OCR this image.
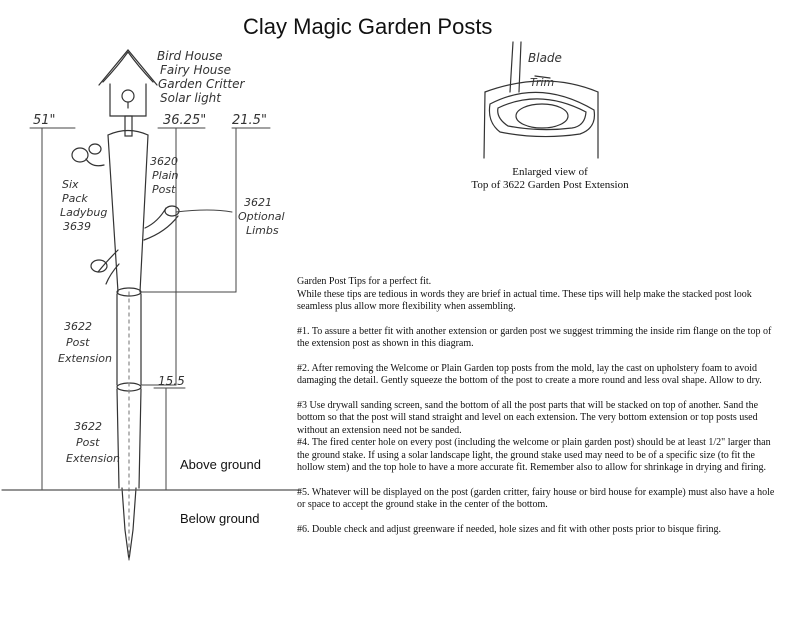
Clay Magic Garden Posts
Bird House
Fairy House
Garden Critter
Solar light
51"	36.25" 21.5"
3620
Plain
Post
Six
Pack
Ladybug
3639
3621
Optional
Limbs
3622
Post
Extension
15.5
3622
Post
Extension
Blade
Trim
Enlarged view of
Top of 3622 Garden Post Extension
Above ground
Below ground

Garden Post Tips for a perfect fit.

While these tips are tedious in words they are brief in actual time. These tips will help make the stacked post look seamless plus allow more flexibility when assembling.

#1. To assure a better fit with another extension or garden post we suggest trimming the inside rim flange on the top of the extension post as shown in this diagram.

#2. After removing the Welcome or Plain Garden top posts from the mold, lay the cast on upholstery foam to avoid damaging the detail. Gently squeeze the bottom of the post to create a more round and less oval shape. Allow to dry.

#3 Use drywall sanding screen, sand the bottom of all the post parts that will be stacked on top of another. Sand the bottom so that the post will stand straight and level on each extension. The very bottom extension or top posts used without an extension need not be sanded.

#4. The fired center hole on every post (including the welcome or plain garden post) should be at least 1/2" larger than the ground stake. If using a solar landscape light, the ground stake used may need to be of a specific size (to fit the hollow stem) and the top hole to have a more accurate fit. Remember also to allow for shrinkage in drying and firing.

#5. Whatever will be displayed on the post (garden critter, fairy house or bird house for example) must also have a hole or space to accept the ground stake in the center of the bottom.

#6. Double check and adjust greenware if needed, hole sizes and fit with other posts prior to bisque firing.
